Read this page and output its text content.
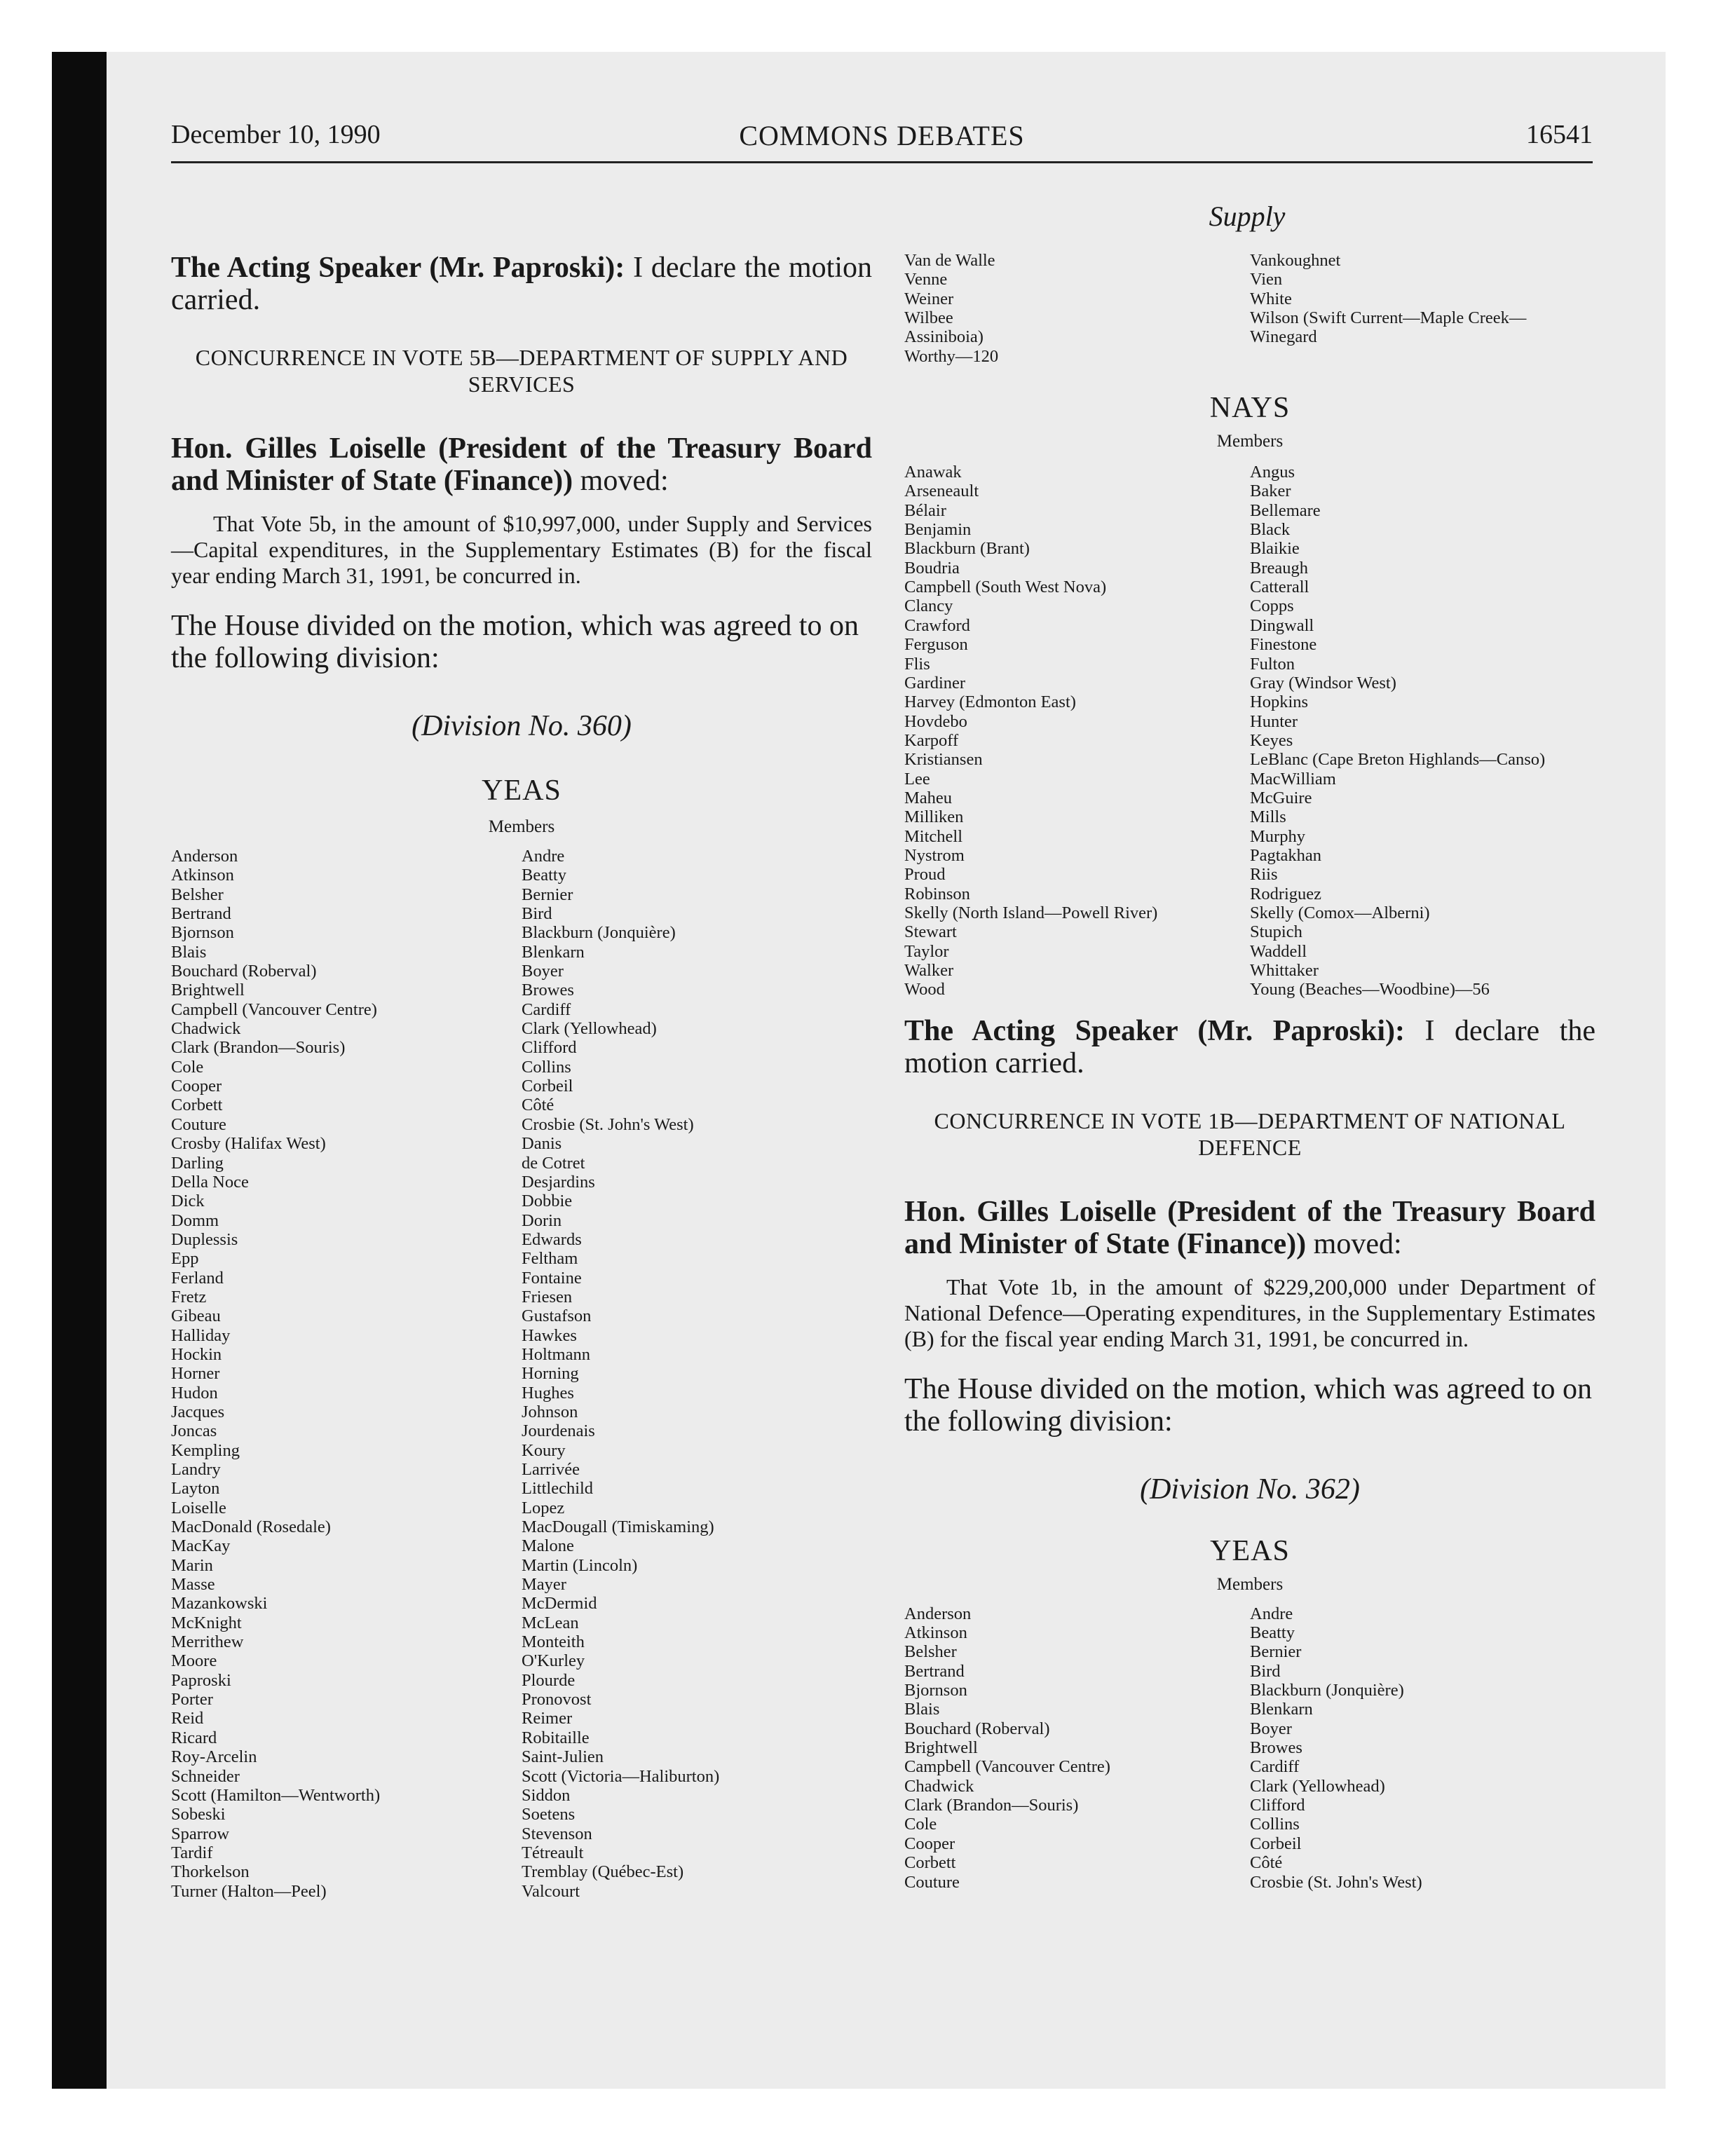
December 10, 1990	COMMONS DEBATES	16541
Supply

The Acting Speaker (Mr. Paproski): I declare the motion carried.

CONCURRENCE IN VOTE 5B—DEPARTMENT OF SUPPLY AND SERVICES

Hon. Gilles Loiselle (President of the Treasury Board and Minister of State (Finance)) moved:

That Vote 5b, in the amount of $10,997,000, under Supply and Services—Capital expenditures, in the Supplementary Estimates (B) for the fiscal year ending March 31, 1991, be concurred in.

The House divided on the motion, which was agreed to on the following division:

(Division No. 360)

YEAS

Members

Anderson
Atkinson
Belsher
Bertrand
Bjornson
Blais
Bouchard (Roberval)
Brightwell
Campbell (Vancouver Centre)
Chadwick
Clark (Brandon—Souris)
Cole
Cooper
Corbett
Couture
Crosby (Halifax West)
Darling
Della Noce
Dick
Domm
Duplessis
Epp
Ferland
Fretz
Gibeau
Halliday
Hockin
Horner
Hudon
Jacques
Joncas
Kempling
Landry
Layton
Loiselle
MacDonald (Rosedale)
MacKay
Marin
Masse
Mazankowski
McKnight
Merrithew
Moore
Paproski
Porter
Reid
Ricard
Roy-Arcelin
Schneider
Scott (Hamilton—Wentworth)
Sobeski
Sparrow
Tardif
Thorkelson
Turner (Halton—Peel)
Andre
Beatty
Bernier
Bird
Blackburn (Jonquière)
Blenkarn
Boyer
Browes
Cardiff
Clark (Yellowhead)
Clifford
Collins
Corbeil
Côté
Crosbie (St. John's West)
Danis
de Cotret
Desjardins
Dobbie
Dorin
Edwards
Feltham
Fontaine
Friesen
Gustafson
Hawkes
Holtmann
Horning
Hughes
Johnson
Jourdenais
Koury
Larrivée
Littlechild
Lopez
MacDougall (Timiskaming)
Malone
Martin (Lincoln)
Mayer
McDermid
McLean
Monteith
O'Kurley
Plourde
Pronovost
Reimer
Robitaille
Saint-Julien
Scott (Victoria—Haliburton)
Siddon
Soetens
Stevenson
Tétreault
Tremblay (Québec-Est)
Valcourt
Van de Walle
Venne
Weiner
Wilbee
Assiniboia)
Worthy—120
Vankoughnet
Vien
White
Wilson (Swift Current—Maple Creek—
Winegard

NAYS

Members

Anawak
Arseneault
Bélair
Benjamin
Blackburn (Brant)
Boudria
Campbell (South West Nova)
Clancy
Crawford
Ferguson
Flis
Gardiner
Harvey (Edmonton East)
Hovdebo
Karpoff
Kristiansen
Lee
Maheu
Milliken
Mitchell
Nystrom
Proud
Robinson
Skelly (North Island—Powell River)
Stewart
Taylor
Walker
Wood
Angus
Baker
Bellemare
Black
Blaikie
Breaugh
Catterall
Copps
Dingwall
Finestone
Fulton
Gray (Windsor West)
Hopkins
Hunter
Keyes
LeBlanc (Cape Breton Highlands—Canso)
MacWilliam
McGuire
Mills
Murphy
Pagtakhan
Riis
Rodriguez
Skelly (Comox—Alberni)
Stupich
Waddell
Whittaker
Young (Beaches—Woodbine)—56

The Acting Speaker (Mr. Paproski): I declare the motion carried.

CONCURRENCE IN VOTE 1B—DEPARTMENT OF NATIONAL DEFENCE

Hon. Gilles Loiselle (President of the Treasury Board and Minister of State (Finance)) moved:

That Vote 1b, in the amount of $229,200,000 under Department of National Defence—Operating expenditures, in the Supplementary Estimates (B) for the fiscal year ending March 31, 1991, be concurred in.

The House divided on the motion, which was agreed to on the following division:

(Division No. 362)

YEAS

Members

Anderson
Atkinson
Belsher
Bertrand
Bjornson
Blais
Bouchard (Roberval)
Brightwell
Campbell (Vancouver Centre)
Chadwick
Clark (Brandon—Souris)
Cole
Cooper
Corbett
Couture
Andre
Beatty
Bernier
Bird
Blackburn (Jonquière)
Blenkarn
Boyer
Browes
Cardiff
Clark (Yellowhead)
Clifford
Collins
Corbeil
Côté
Crosbie (St. John's West)
